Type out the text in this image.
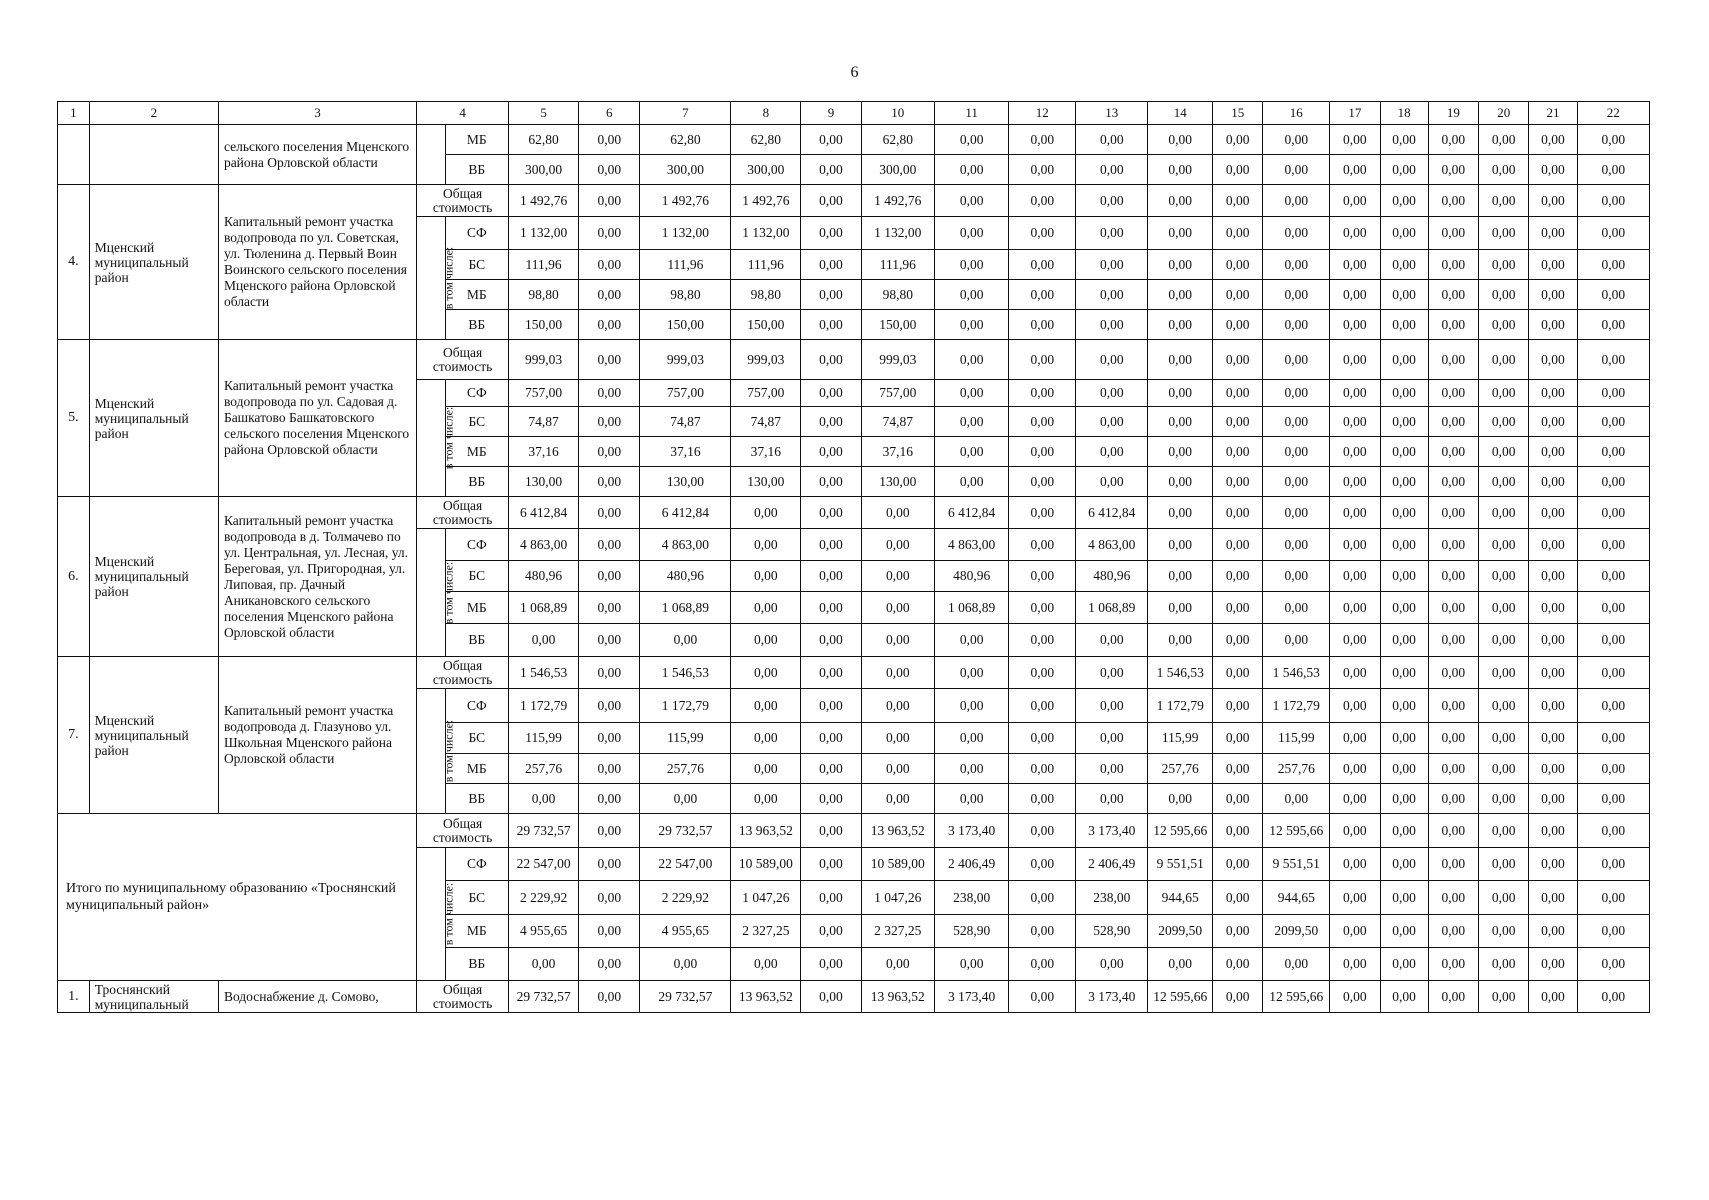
6
1	2	3	4		5	6	7	8	9	10	11	12	13	14	15	16	17	18	19	20	21	22
		сельского поселения Мценского района Орловской области		МБ	62,80	0,00	62,80	62,80	0,00	62,80	0,00	0,00	0,00	0,00	0,00	0,00	0,00	0,00	0,00	0,00	0,00	0,00
				ВБ	300,00	0,00	300,00	300,00	0,00	300,00	0,00	0,00	0,00	0,00	0,00	0,00	0,00	0,00	0,00	0,00	0,00	0,00
4.	Мценский муниципальный район	Капитальный ремонт участка водопровода по ул. Советская, ул. Тюленина д. Первый Воин Воинского сельского поселения Мценского района Орловской области	Общая стоимость		1 492,76	0,00	1 492,76	1 492,76	0,00	1 492,76	0,00	0,00	0,00	0,00	0,00	0,00	0,00	0,00	0,00	0,00	0,00	0,00
			в том числе:	СФ	1 132,00	0,00	1 132,00	1 132,00	0,00	1 132,00	0,00	0,00	0,00	0,00	0,00	0,00	0,00	0,00	0,00	0,00	0,00	0,00
				БС	111,96	0,00	111,96	111,96	0,00	111,96	0,00	0,00	0,00	0,00	0,00	0,00	0,00	0,00	0,00	0,00	0,00	0,00
				МБ	98,80	0,00	98,80	98,80	0,00	98,80	0,00	0,00	0,00	0,00	0,00	0,00	0,00	0,00	0,00	0,00	0,00	0,00
				ВБ	150,00	0,00	150,00	150,00	0,00	150,00	0,00	0,00	0,00	0,00	0,00	0,00	0,00	0,00	0,00	0,00	0,00	0,00
5.	Мценский муниципальный район	Капитальный ремонт участка водопровода по ул. Садовая д. Башкатово Башкатовского сельского поселения Мценского района Орловской области	Общая стоимость		999,03	0,00	999,03	999,03	0,00	999,03	0,00	0,00	0,00	0,00	0,00	0,00	0,00	0,00	0,00	0,00	0,00	0,00
			в том числе:	СФ	757,00	0,00	757,00	757,00	0,00	757,00	0,00	0,00	0,00	0,00	0,00	0,00	0,00	0,00	0,00	0,00	0,00	0,00
				БС	74,87	0,00	74,87	74,87	0,00	74,87	0,00	0,00	0,00	0,00	0,00	0,00	0,00	0,00	0,00	0,00	0,00	0,00
				МБ	37,16	0,00	37,16	37,16	0,00	37,16	0,00	0,00	0,00	0,00	0,00	0,00	0,00	0,00	0,00	0,00	0,00	0,00
				ВБ	130,00	0,00	130,00	130,00	0,00	130,00	0,00	0,00	0,00	0,00	0,00	0,00	0,00	0,00	0,00	0,00	0,00	0,00
6.	Мценский муниципальный район	Капитальный ремонт участка водопровода в д. Толмачево по ул. Центральная, ул. Лесная, ул. Береговая, ул. Пригородная, ул. Липовая, пр. Дачный Аникановского сельского поселения Мценского района Орловской области	Общая стоимость		6 412,84	0,00	6 412,84	0,00	0,00	0,00	6 412,84	0,00	6 412,84	0,00	0,00	0,00	0,00	0,00	0,00	0,00	0,00	0,00
			в том числе:	СФ	4 863,00	0,00	4 863,00	0,00	0,00	0,00	4 863,00	0,00	4 863,00	0,00	0,00	0,00	0,00	0,00	0,00	0,00	0,00	0,00
				БС	480,96	0,00	480,96	0,00	0,00	0,00	480,96	0,00	480,96	0,00	0,00	0,00	0,00	0,00	0,00	0,00	0,00	0,00
				МБ	1 068,89	0,00	1 068,89	0,00	0,00	0,00	1 068,89	0,00	1 068,89	0,00	0,00	0,00	0,00	0,00	0,00	0,00	0,00	0,00
				ВБ	0,00	0,00	0,00	0,00	0,00	0,00	0,00	0,00	0,00	0,00	0,00	0,00	0,00	0,00	0,00	0,00	0,00	0,00
7.	Мценский муниципальный район	Капитальный ремонт участка водопровода д. Глазуново ул. Школьная Мценского района Орловской области	Общая стоимость		1 546,53	0,00	1 546,53	0,00	0,00	0,00	0,00	0,00	0,00	1 546,53	0,00	1 546,53	0,00	0,00	0,00	0,00	0,00	0,00
			в том числе:	СФ	1 172,79	0,00	1 172,79	0,00	0,00	0,00	0,00	0,00	0,00	1 172,79	0,00	1 172,79	0,00	0,00	0,00	0,00	0,00	0,00
				БС	115,99	0,00	115,99	0,00	0,00	0,00	0,00	0,00	0,00	115,99	0,00	115,99	0,00	0,00	0,00	0,00	0,00	0,00
				МБ	257,76	0,00	257,76	0,00	0,00	0,00	0,00	0,00	0,00	257,76	0,00	257,76	0,00	0,00	0,00	0,00	0,00	0,00
				ВБ	0,00	0,00	0,00	0,00	0,00	0,00	0,00	0,00	0,00	0,00	0,00	0,00	0,00	0,00	0,00	0,00	0,00	0,00
Итого по муниципальному образованию «Троснянский муниципальный район»			Общая стоимость		29 732,57	0,00	29 732,57	13 963,52	0,00	13 963,52	3 173,40	0,00	3 173,40	12 595,66	0,00	12 595,66	0,00	0,00	0,00	0,00	0,00	0,00
			в том числе:	СФ	22 547,00	0,00	22 547,00	10 589,00	0,00	10 589,00	2 406,49	0,00	2 406,49	9 551,51	0,00	9 551,51	0,00	0,00	0,00	0,00	0,00	0,00
				БС	2 229,92	0,00	2 229,92	1 047,26	0,00	1 047,26	238,00	0,00	238,00	944,65	0,00	944,65	0,00	0,00	0,00	0,00	0,00	0,00
				МБ	4 955,65	0,00	4 955,65	2 327,25	0,00	2 327,25	528,90	0,00	528,90	2099,50	0,00	2099,50	0,00	0,00	0,00	0,00	0,00	0,00
				ВБ	0,00	0,00	0,00	0,00	0,00	0,00	0,00	0,00	0,00	0,00	0,00	0,00	0,00	0,00	0,00	0,00	0,00	0,00
1.	Троснянский муниципальный	Водоснабжение д. Сомово,	Общая стоимость		29 732,57	0,00	29 732,57	13 963,52	0,00	13 963,52	3 173,40	0,00	3 173,40	12 595,66	0,00	12 595,66	0,00	0,00	0,00	0,00	0,00	0,00
